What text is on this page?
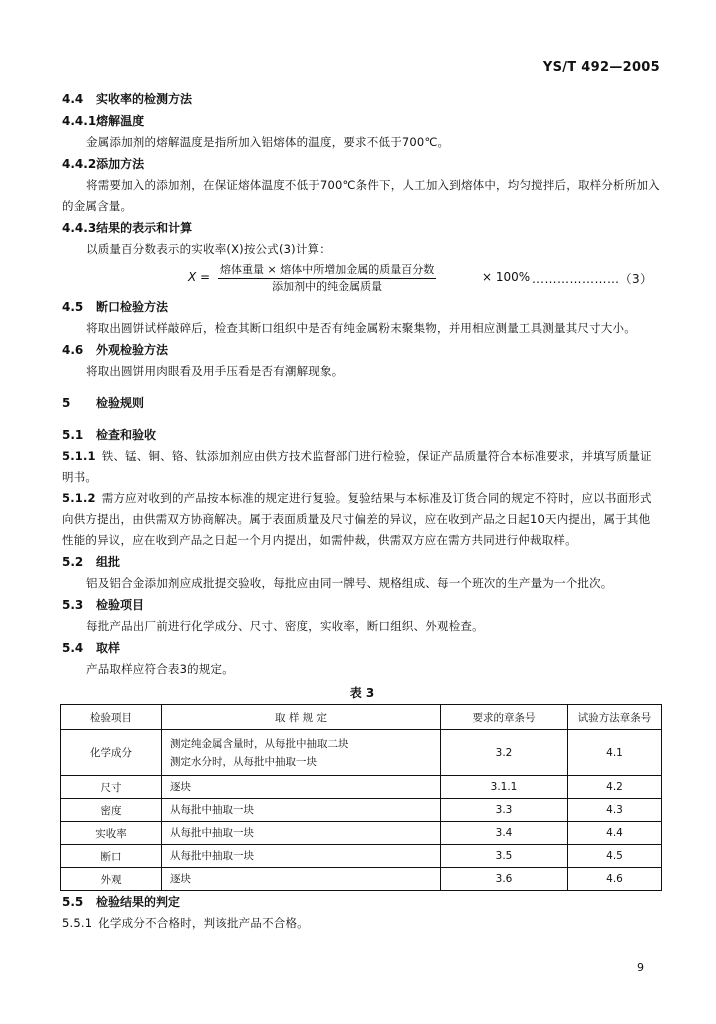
YS/T 492—2005

4.4 实收率的检测方法

4.4.1熔解温度

金属添加剂的熔解温度是指所加入铝熔体的温度，要求不低于700℃。

4.4.2添加方法

将需要加入的添加剂，在保证熔体温度不低于700℃条件下，人工加入到熔体中，均匀搅拌后，取样分析所加入的金属含量。

4.4.3结果的表示和计算

以质量百分数表示的实收率(X)按公式(3)计算：

X =
熔体重量 × 熔体中所增加金属的质量百分数
添加剂中的纯金属质量
× 100% …………………（3）

4.5 断口检验方法

将取出圆饼试样敲碎后，检查其断口组织中是否有纯金属粉末聚集物，并用相应测量工具测量其尺寸大小。

4.6 外观检验方法

将取出圆饼用肉眼看及用手压看是否有潮解现象。

5 检验规则

5.1 检查和验收

5.1.1 铁、锰、铜、铬、钛添加剂应由供方技术监督部门进行检验，保证产品质量符合本标准要求，并填写质量证明书。

5.1.2 需方应对收到的产品按本标准的规定进行复验。复验结果与本标准及订货合同的规定不符时，应以书面形式向供方提出，由供需双方协商解决。属于表面质量及尺寸偏差的异议，应在收到产品之日起10天内提出，属于其他性能的异议，应在收到产品之日起一个月内提出，如需仲裁，供需双方应在需方共同进行仲裁取样。

5.2 组批

铝及铝合金添加剂应成批提交验收，每批应由同一牌号、规格组成、每一个班次的生产量为一个批次。

5.3 检验项目

每批产品出厂前进行化学成分、尺寸、密度，实收率，断口组织、外观检查。

5.4 取样

产品取样应符合表3的规定。

表 3

检验项目	取 样 规 定	要求的章条号	试验方法章条号
化学成分	测定纯金属含量时，从每批中抽取二块
测定水分时，从每批中抽取一块	3.2	4.1
尺寸	逐块	3.1.1	4.2
密度	从每批中抽取一块	3.3	4.3
实收率	从每批中抽取一块	3.4	4.4
断口	从每批中抽取一块	3.5	4.5
外观	逐块	3.6	4.6

5.5 检验结果的判定

5.5.1 化学成分不合格时，判该批产品不合格。

9
